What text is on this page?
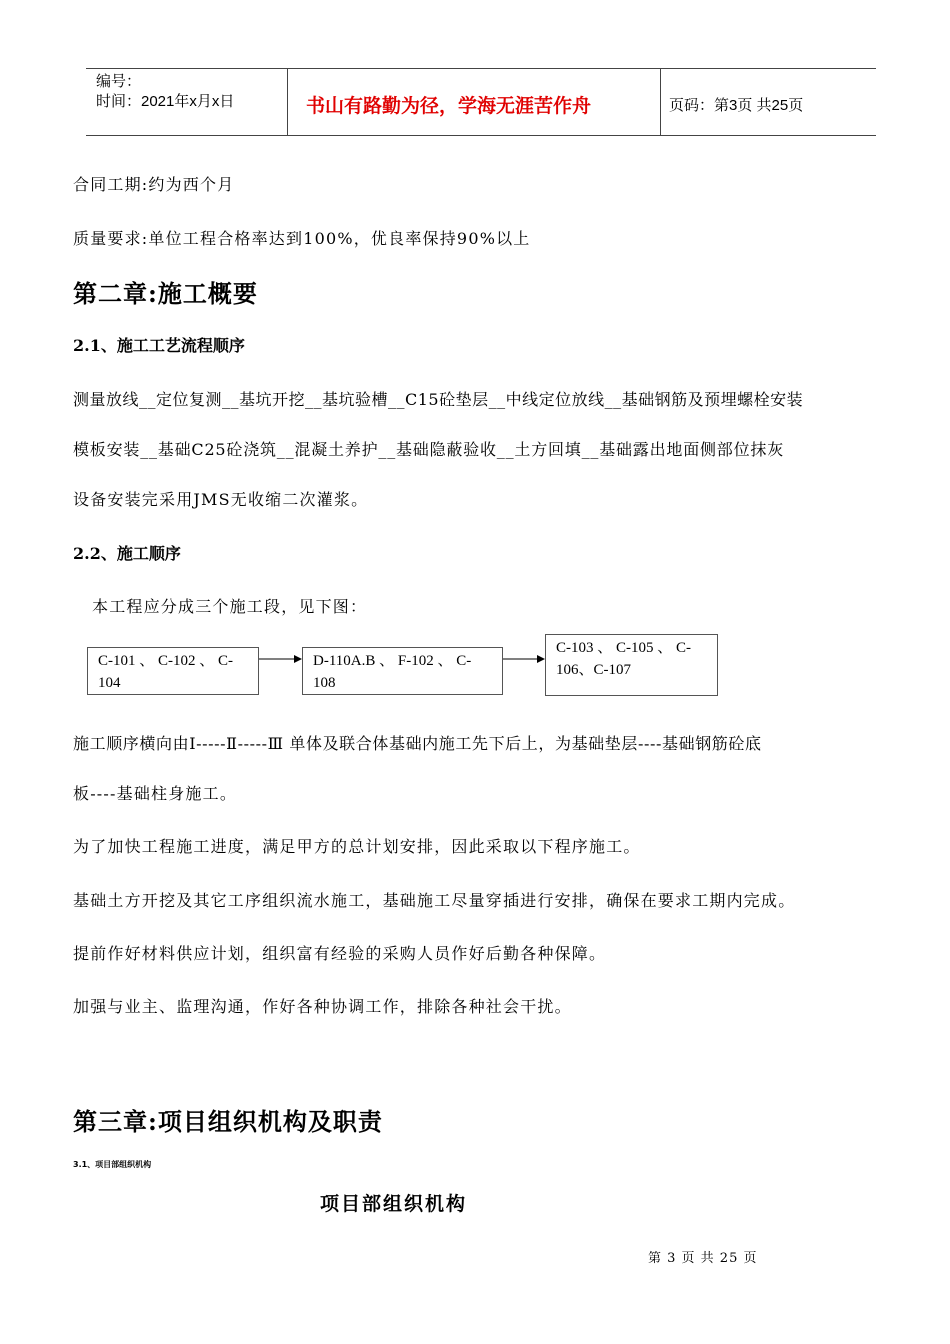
编号：
时间：2021年x月x日	书山有路勤为径，学海无涯苦作舟	页码：第3页 共25页
合同工期:约为西个月
质量要求:单位工程合格率达到100%，优良率保持90%以上
第二章:施工概要
2.1、施工工艺流程顺序
测量放线__定位复测__基坑开挖__基坑验槽__C15砼垫层__中线定位放线__基础钢筋及预埋螺栓安装
模板安装__基础C25砼浇筑__混凝土养护__基础隐蔽验收__土方回填__基础露出地面侧部位抹灰
设备安装完采用JMS无收缩二次灌浆。
2.2、施工顺序
本工程应分成三个施工段，见下图：
C-101 、 C-102 、 C-104
D-110A.B 、 F-102 、 C-108
C-103 、 C-105 、 C-106、C-107
施工顺序横向由Ⅰ-----Ⅱ-----Ⅲ 单体及联合体基础内施工先下后上，为基础垫层----基础钢筋砼底
板----基础柱身施工。
为了加快工程施工进度，满足甲方的总计划安排，因此采取以下程序施工。
基础土方开挖及其它工序组织流水施工，基础施工尽量穿插进行安排，确保在要求工期内完成。
提前作好材料供应计划，组织富有经验的采购人员作好后勤各种保障。
加强与业主、监理沟通，作好各种协调工作，排除各种社会干扰。
第三章:项目组织机构及职责
3.1、项目部组织机构
项目部组织机构
第 3 页 共 25 页
